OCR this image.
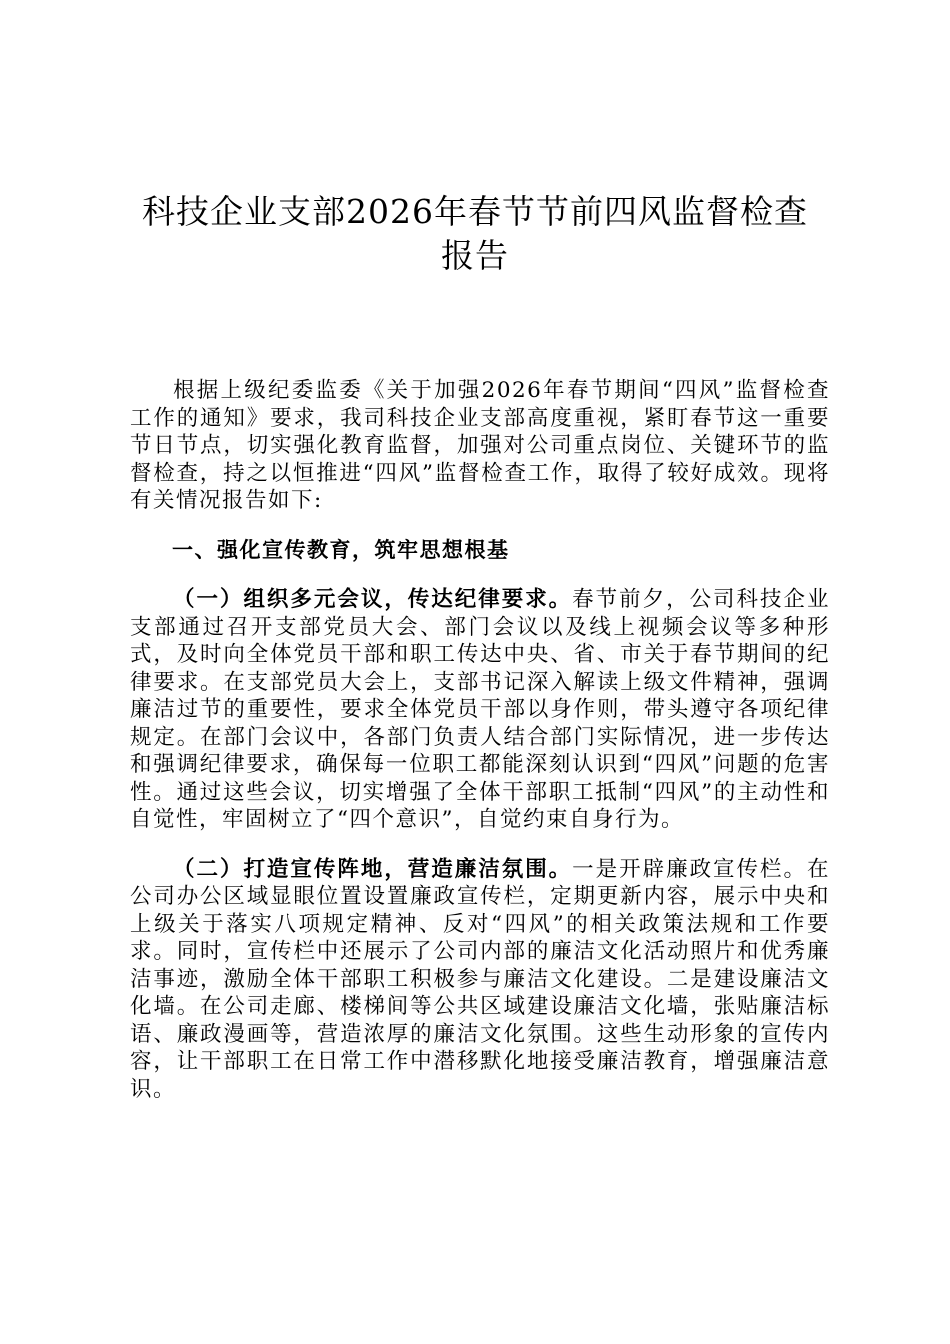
科技企业支部2026年春节节前四风监督检查
报告

根据上级纪委监委《关于加强2026年春节期间“四风”监督检查工作的通知》要求，我司科技企业支部高度重视，紧盯春节这一重要节日节点，切实强化教育监督，加强对公司重点岗位、关键环节的监督检查，持之以恒推进“四风”监督检查工作，取得了较好成效。现将有关情况报告如下:

一、强化宣传教育，筑牢思想根基

（一）组织多元会议，传达纪律要求。春节前夕，公司科技企业支部通过召开支部党员大会、部门会议以及线上视频会议等多种形式，及时向全体党员干部和职工传达中央、省、市关于春节期间的纪律要求。在支部党员大会上，支部书记深入解读上级文件精神，强调廉洁过节的重要性，要求全体党员干部以身作则，带头遵守各项纪律规定。在部门会议中，各部门负责人结合部门实际情况，进一步传达和强调纪律要求，确保每一位职工都能深刻认识到“四风”问题的危害性。通过这些会议，切实增强了全体干部职工抵制“四风”的主动性和自觉性，牢固树立了“四个意识”，自觉约束自身行为。

（二）打造宣传阵地，营造廉洁氛围。一是开辟廉政宣传栏。在公司办公区域显眼位置设置廉政宣传栏，定期更新内容，展示中央和上级关于落实八项规定精神、反对“四风”的相关政策法规和工作要求。同时，宣传栏中还展示了公司内部的廉洁文化活动照片和优秀廉洁事迹，激励全体干部职工积极参与廉洁文化建设。二是建设廉洁文化墙。在公司走廊、楼梯间等公共区域建设廉洁文化墙，张贴廉洁标语、廉政漫画等，营造浓厚的廉洁文化氛围。这些生动形象的宣传内容，让干部职工在日常工作中潜移默化地接受廉洁教育，增强廉洁意识。
